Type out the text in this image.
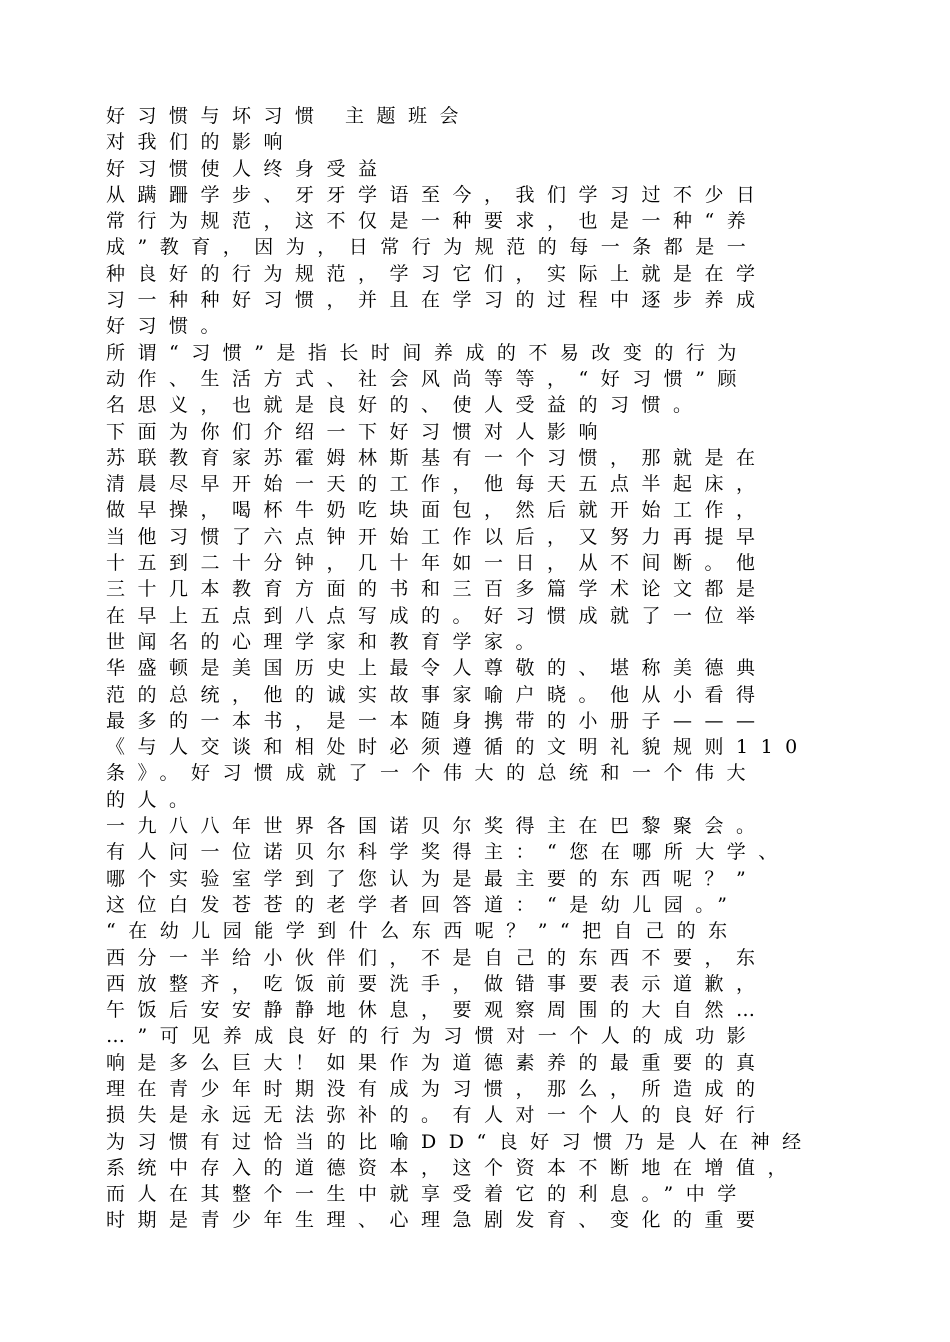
好习惯与坏习惯 主题班会
对我们的影响
好习惯使人终身受益
从蹒跚学步、牙牙学语至今，我们学习过不少日
常行为规范，这不仅是一种要求，也是一种“养
成”教育，因为，日常行为规范的每一条都是一
种良好的行为规范，学习它们，实际上就是在学
习一种种好习惯，并且在学习的过程中逐步养成
好习惯。
所谓“习惯”是指长时间养成的不易改变的行为
动作、生活方式、社会风尚等等，“好习惯”顾
名思义，也就是良好的、使人受益的习惯。
下面为你们介绍一下好习惯对人影响
苏联教育家苏霍姆林斯基有一个习惯，那就是在
清晨尽早开始一天的工作，他每天五点半起床，
做早操，喝杯牛奶吃块面包，然后就开始工作，
当他习惯了六点钟开始工作以后，又努力再提早
十五到二十分钟，几十年如一日，从不间断。他
三十几本教育方面的书和三百多篇学术论文都是
在早上五点到八点写成的。好习惯成就了一位举
世闻名的心理学家和教育学家。
华盛顿是美国历史上最令人尊敬的、堪称美德典
范的总统，他的诚实故事家喻户晓。他从小看得
最多的一本书，是一本随身携带的小册子———
《与人交谈和相处时必须遵循的文明礼貌规则110
条》。好习惯成就了一个伟大的总统和一个伟大
的人。
一九八八年世界各国诺贝尔奖得主在巴黎聚会。
有人问一位诺贝尔科学奖得主：“您在哪所大学、
哪个实验室学到了您认为是最主要的东西呢？”
这位白发苍苍的老学者回答道：“是幼儿园。”
“在幼儿园能学到什么东西呢？”“把自己的东
西分一半给小伙伴们，不是自己的东西不要，东
西放整齐，吃饭前要洗手，做错事要表示道歉，
午饭后安安静静地休息，要观察周围的大自然…
…”可见养成良好的行为习惯对一个人的成功影
响是多么巨大！如果作为道德素养的最重要的真
理在青少年时期没有成为习惯，那么，所造成的
损失是永远无法弥补的。有人对一个人的良好行
为习惯有过恰当的比喻DD“良好习惯乃是人在神经
系统中存入的道德资本，这个资本不断地在增值，
而人在其整个一生中就享受着它的利息。”中学
时期是青少年生理、心理急剧发育、变化的重要
